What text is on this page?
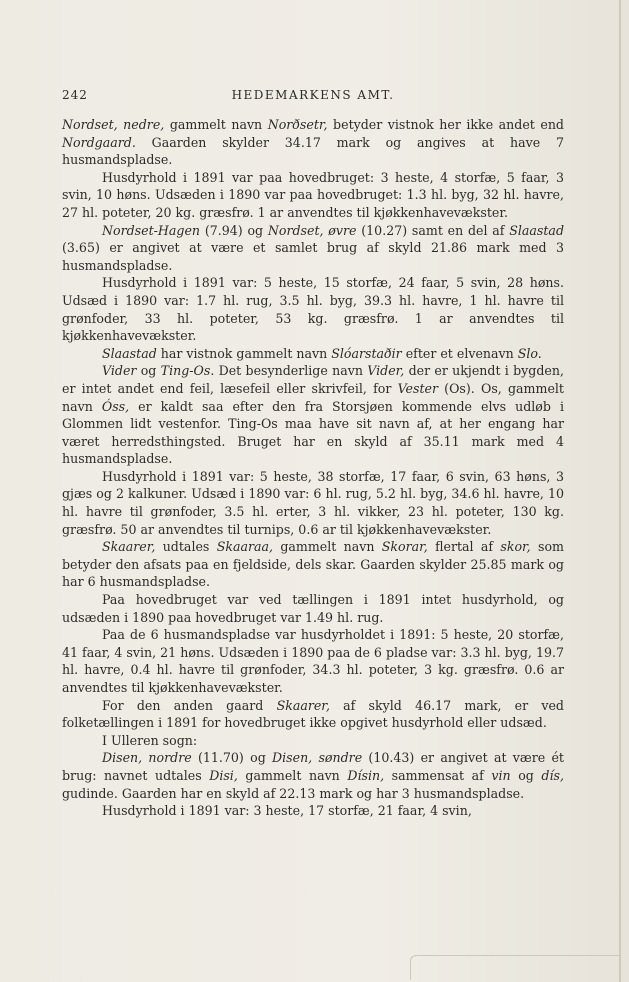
242	HEDEMARKENS AMT.

Nordset, nedre, gammelt navn Norðsetr, betyder vistnok her ikke andet end Nordgaard. Gaarden skylder 34.17 mark og angives at have 7 husmandspladse.

Husdyrhold i 1891 var paa hovedbruget: 3 heste, 4 storfæ, 5 faar, 3 svin, 10 høns. Udsæden i 1890 var paa hovedbruget: 1.3 hl. byg, 32 hl. havre, 27 hl. poteter, 20 kg. græsfrø. 1 ar anvendtes til kjøkkenhavevækster.

Nordset-Hagen (7.94) og Nordset, øvre (10.27) samt en del af Slaastad (3.65) er angivet at være et samlet brug af skyld 21.86 mark med 3 husmandspladse.

Husdyrhold i 1891 var: 5 heste, 15 storfæ, 24 faar, 5 svin, 28 høns. Udsæd i 1890 var: 1.7 hl. rug, 3.5 hl. byg, 39.3 hl. havre, 1 hl. havre til grønfoder, 33 hl. poteter, 53 kg. græsfrø. 1 ar anvendtes til kjøkkenhavevækster.

Slaastad har vistnok gammelt navn Slóarstaðir efter et elvenavn Slo.

Vider og Ting-Os. Det besynderlige navn Vider, der er ukjendt i bygden, er intet andet end feil, læsefeil eller skrivfeil, for Vester (Os). Os, gammelt navn Óss, er kaldt saa efter den fra Storsjøen kommende elvs udløb i Glommen lidt vestenfor. Ting-Os maa have sit navn af, at her engang har været herredsthingsted. Bruget har en skyld af 35.11 mark med 4 husmandspladse.

Husdyrhold i 1891 var: 5 heste, 38 storfæ, 17 faar, 6 svin, 63 høns, 3 gjæs og 2 kalkuner. Udsæd i 1890 var: 6 hl. rug, 5.2 hl. byg, 34.6 hl. havre, 10 hl. havre til grønfoder, 3.5 hl. erter, 3 hl. vikker, 23 hl. poteter, 130 kg. græsfrø. 50 ar anvendtes til turnips, 0.6 ar til kjøkkenhavevækster.

Skaarer, udtales Skaaraa, gammelt navn Skorar, flertal af skor, som betyder den afsats paa en fjeldside, dels skar. Gaarden skylder 25.85 mark og har 6 husmandspladse.

Paa hovedbruget var ved tællingen i 1891 intet husdyrhold, og udsæden i 1890 paa hovedbruget var 1.49 hl. rug.

Paa de 6 husmandspladse var husdyrholdet i 1891: 5 heste, 20 storfæ, 41 faar, 4 svin, 21 høns. Udsæden i 1890 paa de 6 pladse var: 3.3 hl. byg, 19.7 hl. havre, 0.4 hl. havre til grønfoder, 34.3 hl. poteter, 3 kg. græsfrø. 0.6 ar anvendtes til kjøkkenhavevækster.

For den anden gaard Skaarer, af skyld 46.17 mark, er ved folketællingen i 1891 for hovedbruget ikke opgivet husdyrhold eller udsæd.

I Ulleren sogn:

Disen, nordre (11.70) og Disen, søndre (10.43) er angivet at være ét brug: navnet udtales Disi, gammelt navn Dísin, sammensat af vin og dís, gudinde. Gaarden har en skyld af 22.13 mark og har 3 husmandspladse.

Husdyrhold i 1891 var: 3 heste, 17 storfæ, 21 faar, 4 svin,
